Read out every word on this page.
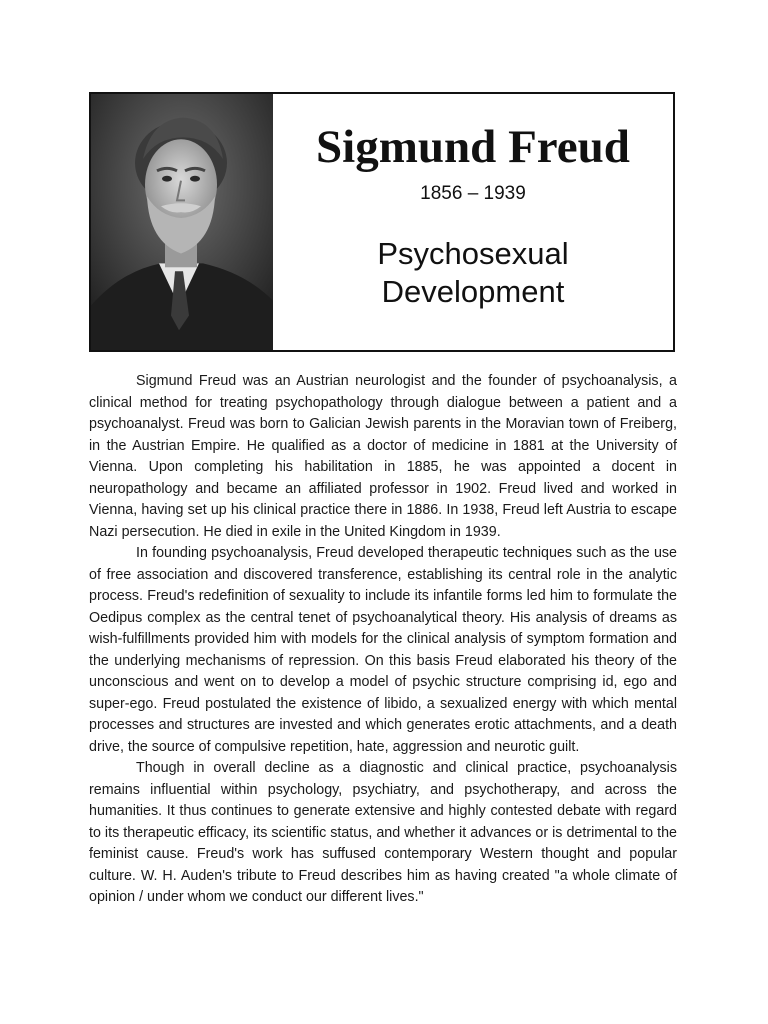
Sigmund Freud
1856 – 1939
Psychosexual
Development

Sigmund Freud was an Austrian neurologist and the founder of psychoanalysis, a clinical method for treating psychopathology through dialogue between a patient and a psychoanalyst. Freud was born to Galician Jewish parents in the Moravian town of Freiberg, in the Austrian Empire. He qualified as a doctor of medicine in 1881 at the University of Vienna. Upon completing his habilitation in 1885, he was appointed a docent in neuropathology and became an affiliated professor in 1902. Freud lived and worked in Vienna, having set up his clinical practice there in 1886. In 1938, Freud left Austria to escape Nazi persecution. He died in exile in the United Kingdom in 1939.

In founding psychoanalysis, Freud developed therapeutic techniques such as the use of free association and discovered transference, establishing its central role in the analytic process. Freud's redefinition of sexuality to include its infantile forms led him to formulate the Oedipus complex as the central tenet of psychoanalytical theory. His analysis of dreams as wish-fulfillments provided him with models for the clinical analysis of symptom formation and the underlying mechanisms of repression. On this basis Freud elaborated his theory of the unconscious and went on to develop a model of psychic structure comprising id, ego and super-ego. Freud postulated the existence of libido, a sexualized energy with which mental processes and structures are invested and which generates erotic attachments, and a death drive, the source of compulsive repetition, hate, aggression and neurotic guilt.

Though in overall decline as a diagnostic and clinical practice, psychoanalysis remains influential within psychology, psychiatry, and psychotherapy, and across the humanities. It thus continues to generate extensive and highly contested debate with regard to its therapeutic efficacy, its scientific status, and whether it advances or is detrimental to the feminist cause. Freud's work has suffused contemporary Western thought and popular culture. W. H. Auden's tribute to Freud describes him as having created "a whole climate of opinion / under whom we conduct our different lives."
